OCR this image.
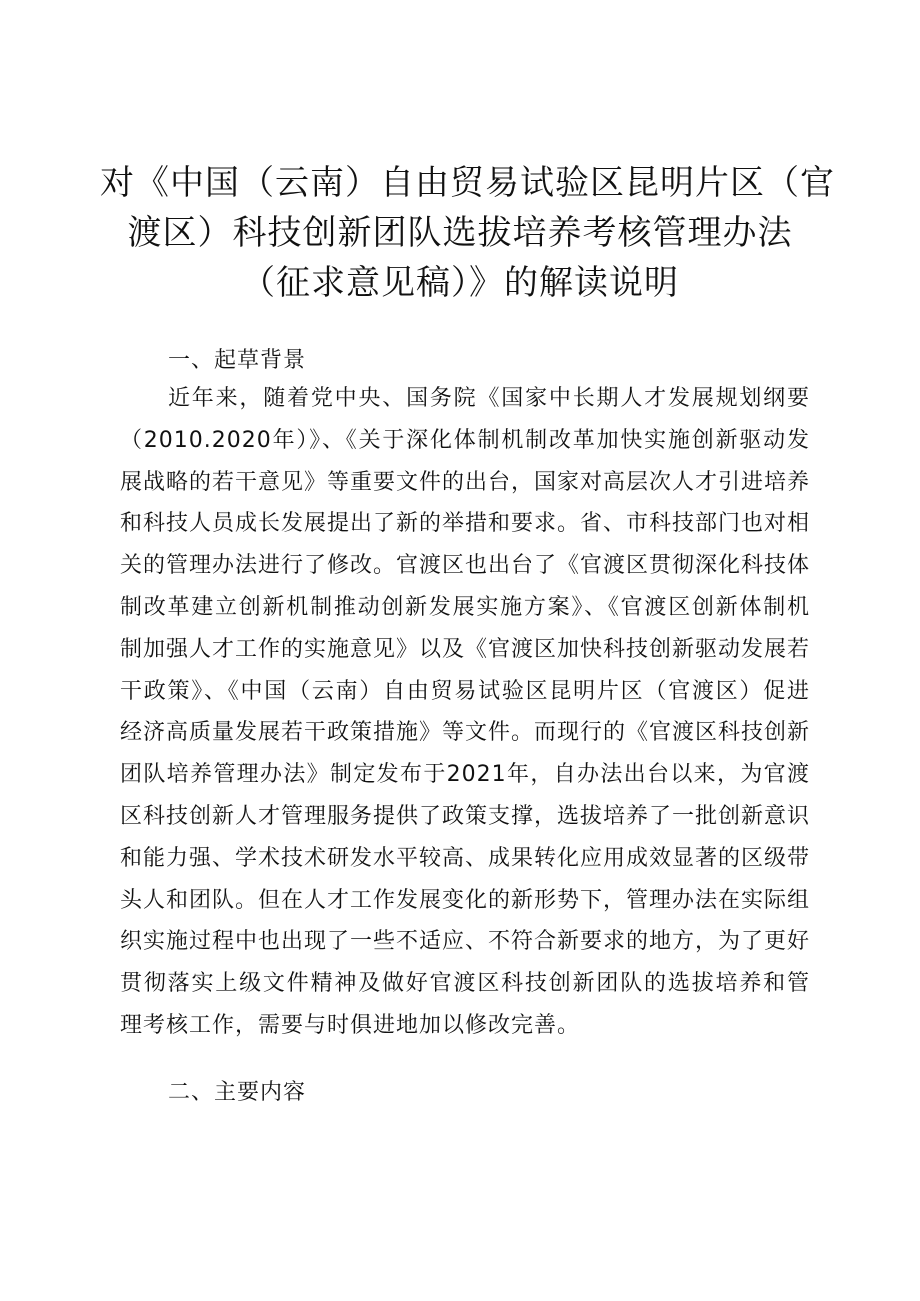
对《中国（云南）自由贸易试验区昆明片区（官
渡区）科技创新团队选拔培养考核管理办法
（征求意见稿）》的解读说明
一、起草背景
近年来，随着党中央、国务院《国家中长期人才发展规划纲要
（2010.2020年）》、《关于深化体制机制改革加快实施创新驱动发
展战略的若干意见》等重要文件的出台，国家对高层次人才引进培养
和科技人员成长发展提出了新的举措和要求。省、市科技部门也对相
关的管理办法进行了修改。官渡区也出台了《官渡区贯彻深化科技体
制改革建立创新机制推动创新发展实施方案》、《官渡区创新体制机
制加强人才工作的实施意见》以及《官渡区加快科技创新驱动发展若
干政策》、《中国（云南）自由贸易试验区昆明片区（官渡区）促进
经济高质量发展若干政策措施》等文件。而现行的《官渡区科技创新
团队培养管理办法》制定发布于2021年，自办法出台以来，为官渡
区科技创新人才管理服务提供了政策支撑，选拔培养了一批创新意识
和能力强、学术技术研发水平较高、成果转化应用成效显著的区级带
头人和团队。但在人才工作发展变化的新形势下，管理办法在实际组
织实施过程中也出现了一些不适应、不符合新要求的地方，为了更好
贯彻落实上级文件精神及做好官渡区科技创新团队的选拔培养和管
理考核工作，需要与时俱进地加以修改完善。
二、主要内容
